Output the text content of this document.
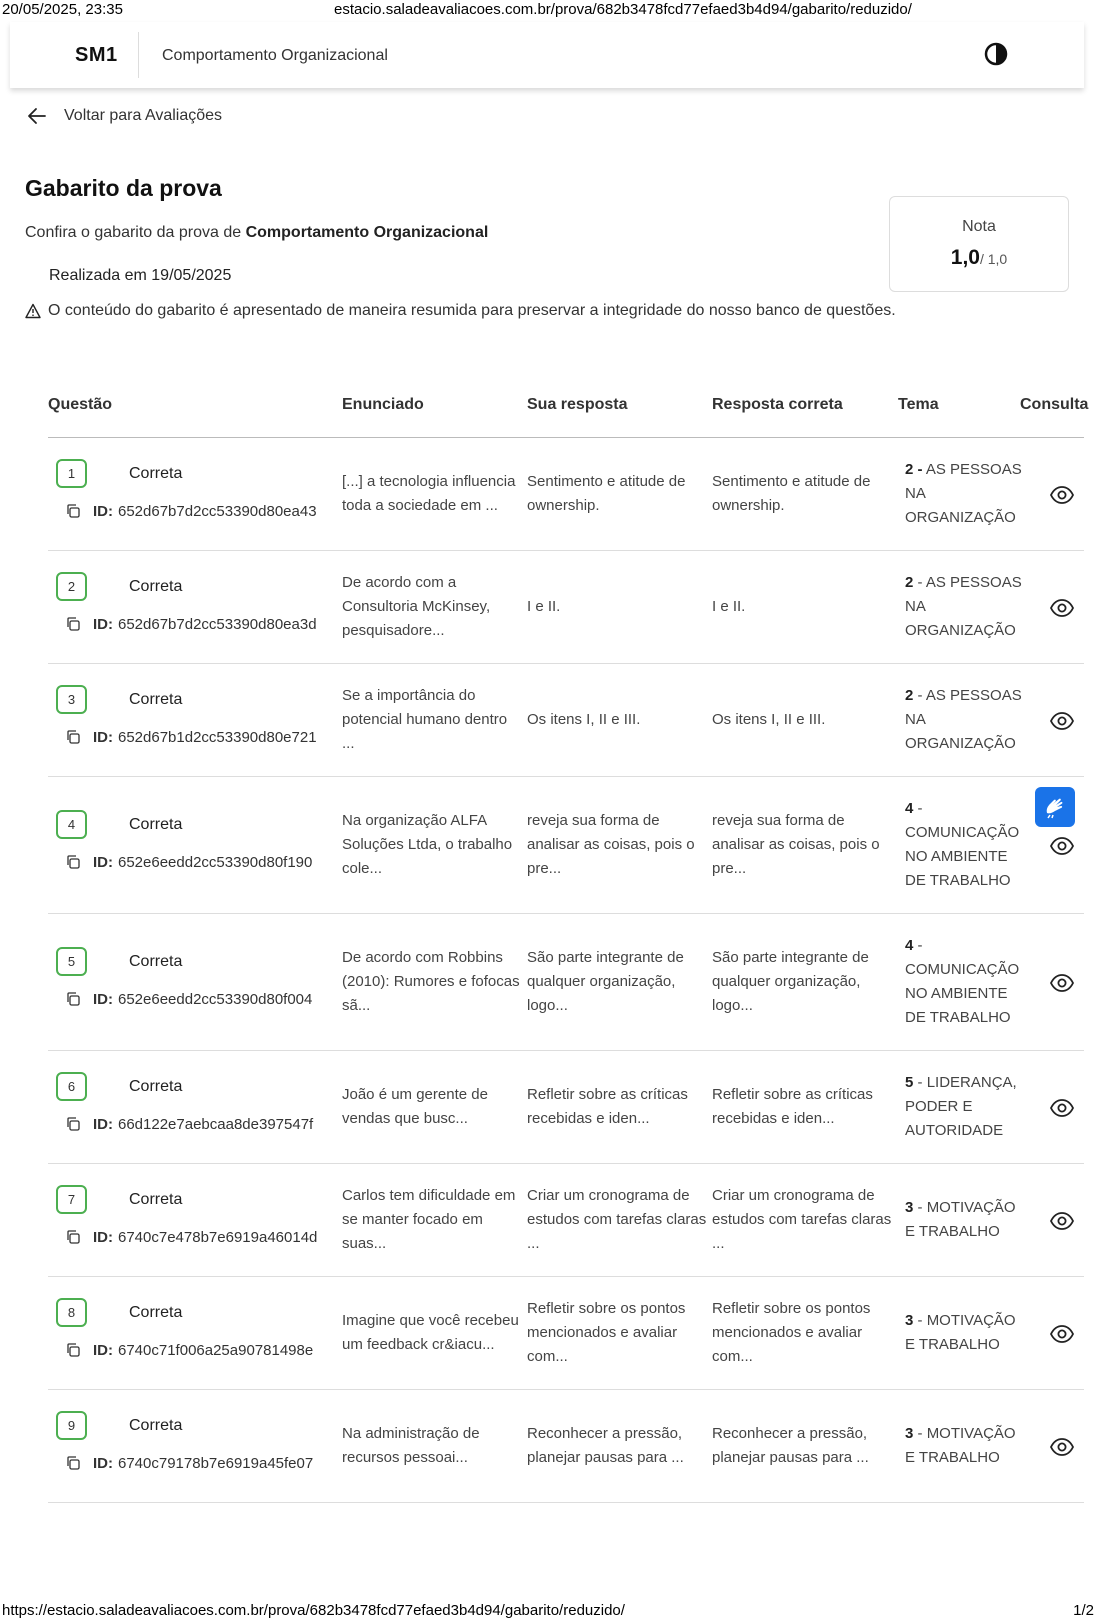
20/05/2025, 23:35	estacio.saladeavaliacoes.com.br/prova/682b3478fcd77efaed3b4d94/gabarito/reduzido/
SM1	Comportamento Organizacional
Voltar para Avaliações
Gabarito da prova
Confira o gabarito da prova de Comportamento Organizacional
Realizada em 19/05/2025
O conteúdo do gabarito é apresentado de maneira resumida para preservar a integridade do nosso banco de questões.
Nota
1,0/ 1,0
Questão	Enunciado	Sua resposta	Resposta correta	Tema	Consulta
1	Correta
ID: 652d67b7d2cc53390d80ea43
[...] a tecnologia influencia toda a sociedade em ...
Sentimento e atitude de ownership.
Sentimento e atitude de ownership.
2 - AS PESSOAS NA ORGANIZAÇÃO
2	Correta
ID: 652d67b7d2cc53390d80ea3d
De acordo com a Consultoria McKinsey, pesquisadore...
I e II.	I e II.
2 - AS PESSOAS NA ORGANIZAÇÃO
3	Correta
ID: 652d67b1d2cc53390d80e721
Se a importância do potencial humano dentro ...
Os itens I, II e III.	Os itens I, II e III.
2 - AS PESSOAS NA ORGANIZAÇÃO
4	Correta
ID: 652e6eedd2cc53390d80f190
Na organização ALFA Soluções Ltda, o trabalho cole...
reveja sua forma de analisar as coisas, pois o pre...
reveja sua forma de analisar as coisas, pois o pre...
4 - COMUNICAÇÃO NO AMBIENTE DE TRABALHO
5	Correta
ID: 652e6eedd2cc53390d80f004
De acordo com Robbins (2010): Rumores e fofocas sã...
São parte integrante de qualquer organização, logo...
São parte integrante de qualquer organização, logo...
4 - COMUNICAÇÃO NO AMBIENTE DE TRABALHO
6	Correta
ID: 66d122e7aebcaa8de397547f
João é um gerente de vendas que busc...
Refletir sobre as críticas recebidas e iden...
Refletir sobre as críticas recebidas e iden...
5 - LIDERANÇA, PODER E AUTORIDADE
7	Correta
ID: 6740c7e478b7e6919a46014d
Carlos tem dificuldade em se manter focado em suas...
Criar um cronograma de estudos com tarefas claras ...
Criar um cronograma de estudos com tarefas claras ...
3 - MOTIVAÇÃO E TRABALHO
8	Correta
ID: 6740c71f006a25a90781498e
Imagine que você recebeu um feedback cr&iacu...
Refletir sobre os pontos mencionados e avaliar com...
Refletir sobre os pontos mencionados e avaliar com...
3 - MOTIVAÇÃO E TRABALHO
9	Correta
ID: 6740c79178b7e6919a45fe07
Na administração de recursos pessoai...
Reconhecer a pressão, planejar pausas para ...
Reconhecer a pressão, planejar pausas para ...
3 - MOTIVAÇÃO E TRABALHO
https://estacio.saladeavaliacoes.com.br/prova/682b3478fcd77efaed3b4d94/gabarito/reduzido/	1/2
